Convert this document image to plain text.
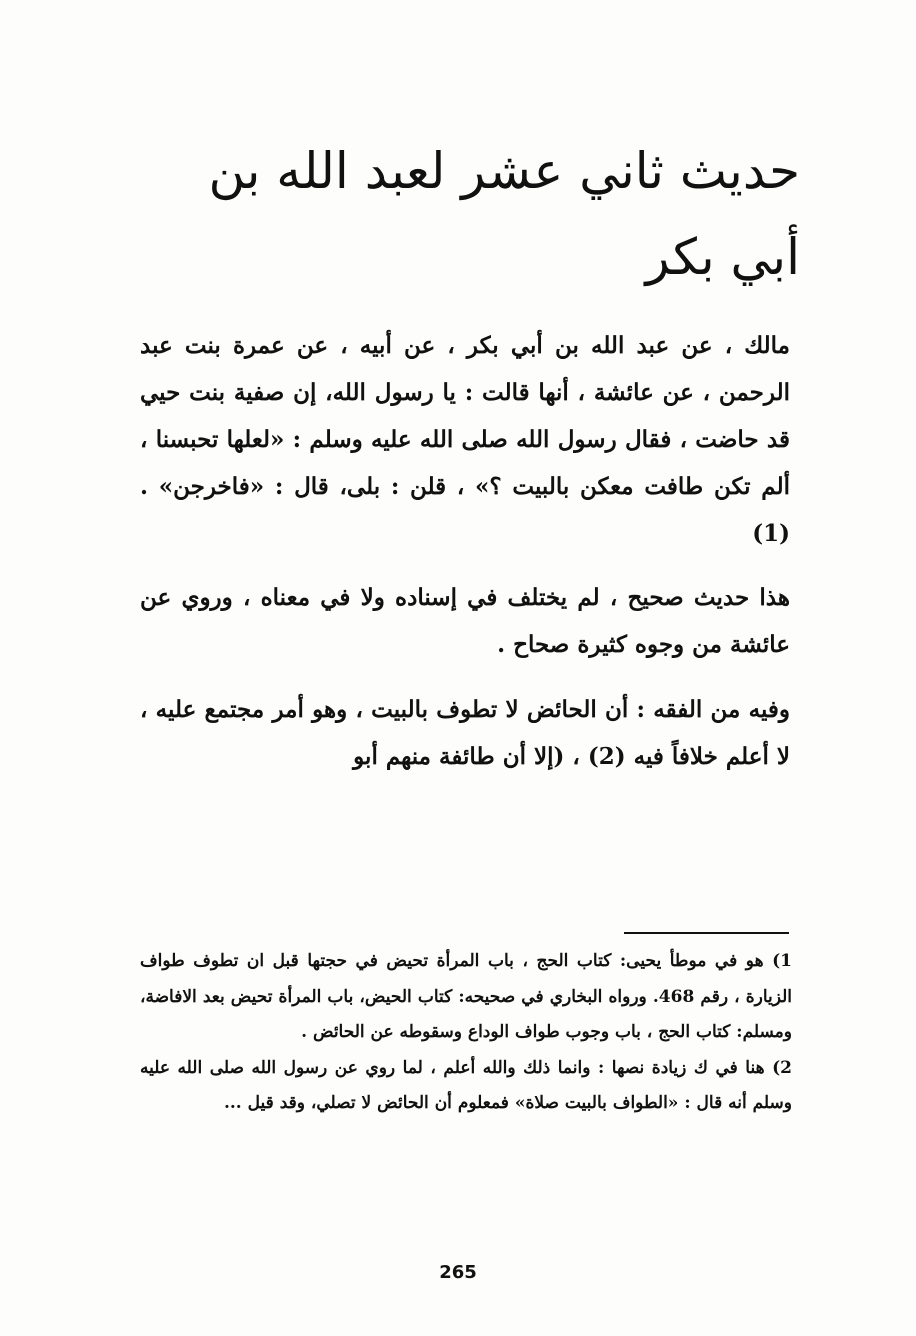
حديث ثاني عشر لعبد الله بن أبي بكر

مالك ، عن عبد الله بن أبي بكر ، عن أبيه ، عن عمرة بنت عبد الرحمن ، عن عائشة ، أنها قالت : يا رسول الله، إن صفية بنت حيي قد حاضت ، فقال رسول الله صلى الله عليه وسلم : «لعلها تحبسنا ، ألم تكن طافت معكن بالبيت ؟» ، قلن : بلى، قال : «فاخرجن» . (1)

هذا حديث صحيح ، لم يختلف في إسناده ولا في معناه ، وروي عن عائشة من وجوه كثيرة صحاح .

وفيه من الفقه : أن الحائض لا تطوف بالبيت ، وهو أمر مجتمع عليه ، لا أعلم خلافاً فيه (2) ، (إلا أن طائفة منهم أبو

1) هو في موطأ يحيى: كتاب الحج ، باب المرأة تحيض في حجتها قبل ان تطوف طواف الزيارة ، رقم 468. ورواه البخاري في صحيحه: كتاب الحيض، باب المرأة تحيض بعد الافاضة، ومسلم: كتاب الحج ، باب وجوب طواف الوداع وسقوطه عن الحائض .

2) هنا في ك زيادة نصها : وانما ذلك والله أعلم ، لما روي عن رسول الله صلى الله عليه وسلم أنه قال : «الطواف بالبيت صلاة» فمعلوم أن الحائض لا تصلي، وقد قيل ...

265
